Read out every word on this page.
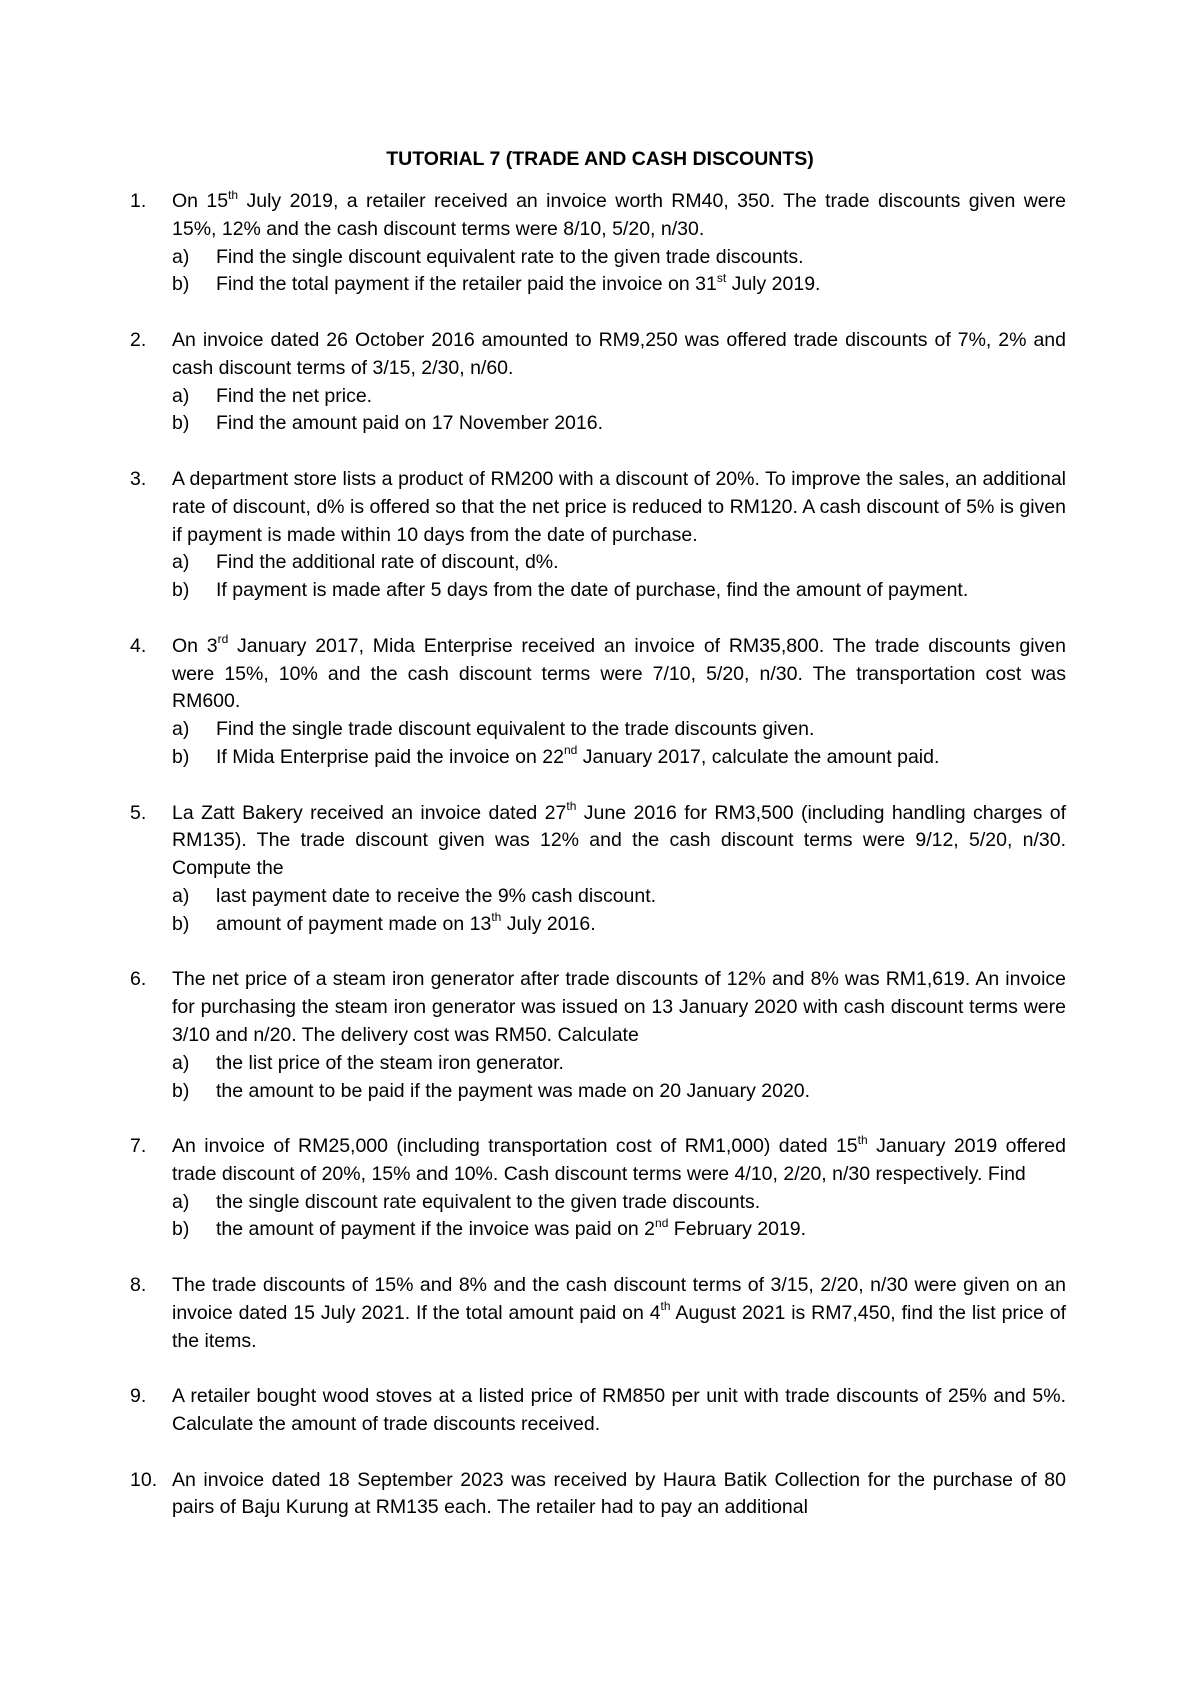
TUTORIAL 7 (TRADE AND CASH DISCOUNTS)
1.	On 15th July 2019, a retailer received an invoice worth RM40, 350. The trade discounts given were 15%, 12% and the cash discount terms were 8/10, 5/20, n/30.
a) Find the single discount equivalent rate to the given trade discounts.
b) Find the total payment if the retailer paid the invoice on 31st July 2019.
2.	An invoice dated 26 October 2016 amounted to RM9,250 was offered trade discounts of 7%, 2% and cash discount terms of 3/15, 2/30, n/60.
a) Find the net price.
b) Find the amount paid on 17 November 2016.
3.	A department store lists a product of RM200 with a discount of 20%. To improve the sales, an additional rate of discount, d% is offered so that the net price is reduced to RM120. A cash discount of 5% is given if payment is made within 10 days from the date of purchase.
a) Find the additional rate of discount, d%.
b) If payment is made after 5 days from the date of purchase, find the amount of payment.
4.	On 3rd January 2017, Mida Enterprise received an invoice of RM35,800. The trade discounts given were 15%, 10% and the cash discount terms were 7/10, 5/20, n/30. The transportation cost was RM600.
a) Find the single trade discount equivalent to the trade discounts given.
b) If Mida Enterprise paid the invoice on 22nd January 2017, calculate the amount paid.
5.	La Zatt Bakery received an invoice dated 27th June 2016 for RM3,500 (including handling charges of RM135). The trade discount given was 12% and the cash discount terms were 9/12, 5/20, n/30. Compute the
a) last payment date to receive the 9% cash discount.
b) amount of payment made on 13th July 2016.
6.	The net price of a steam iron generator after trade discounts of 12% and 8% was RM1,619. An invoice for purchasing the steam iron generator was issued on 13 January 2020 with cash discount terms were 3/10 and n/20. The delivery cost was RM50. Calculate
a) the list price of the steam iron generator.
b) the amount to be paid if the payment was made on 20 January 2020.
7.	An invoice of RM25,000 (including transportation cost of RM1,000) dated 15th January 2019 offered trade discount of 20%, 15% and 10%. Cash discount terms were 4/10, 2/20, n/30 respectively. Find
a) the single discount rate equivalent to the given trade discounts.
b) the amount of payment if the invoice was paid on 2nd February 2019.
8.	The trade discounts of 15% and 8% and the cash discount terms of 3/15, 2/20, n/30 were given on an invoice dated 15 July 2021. If the total amount paid on 4th August 2021 is RM7,450, find the list price of the items.
9.	A retailer bought wood stoves at a listed price of RM850 per unit with trade discounts of 25% and 5%. Calculate the amount of trade discounts received.
10. An invoice dated 18 September 2023 was received by Haura Batik Collection for the purchase of 80 pairs of Baju Kurung at RM135 each. The retailer had to pay an additional
